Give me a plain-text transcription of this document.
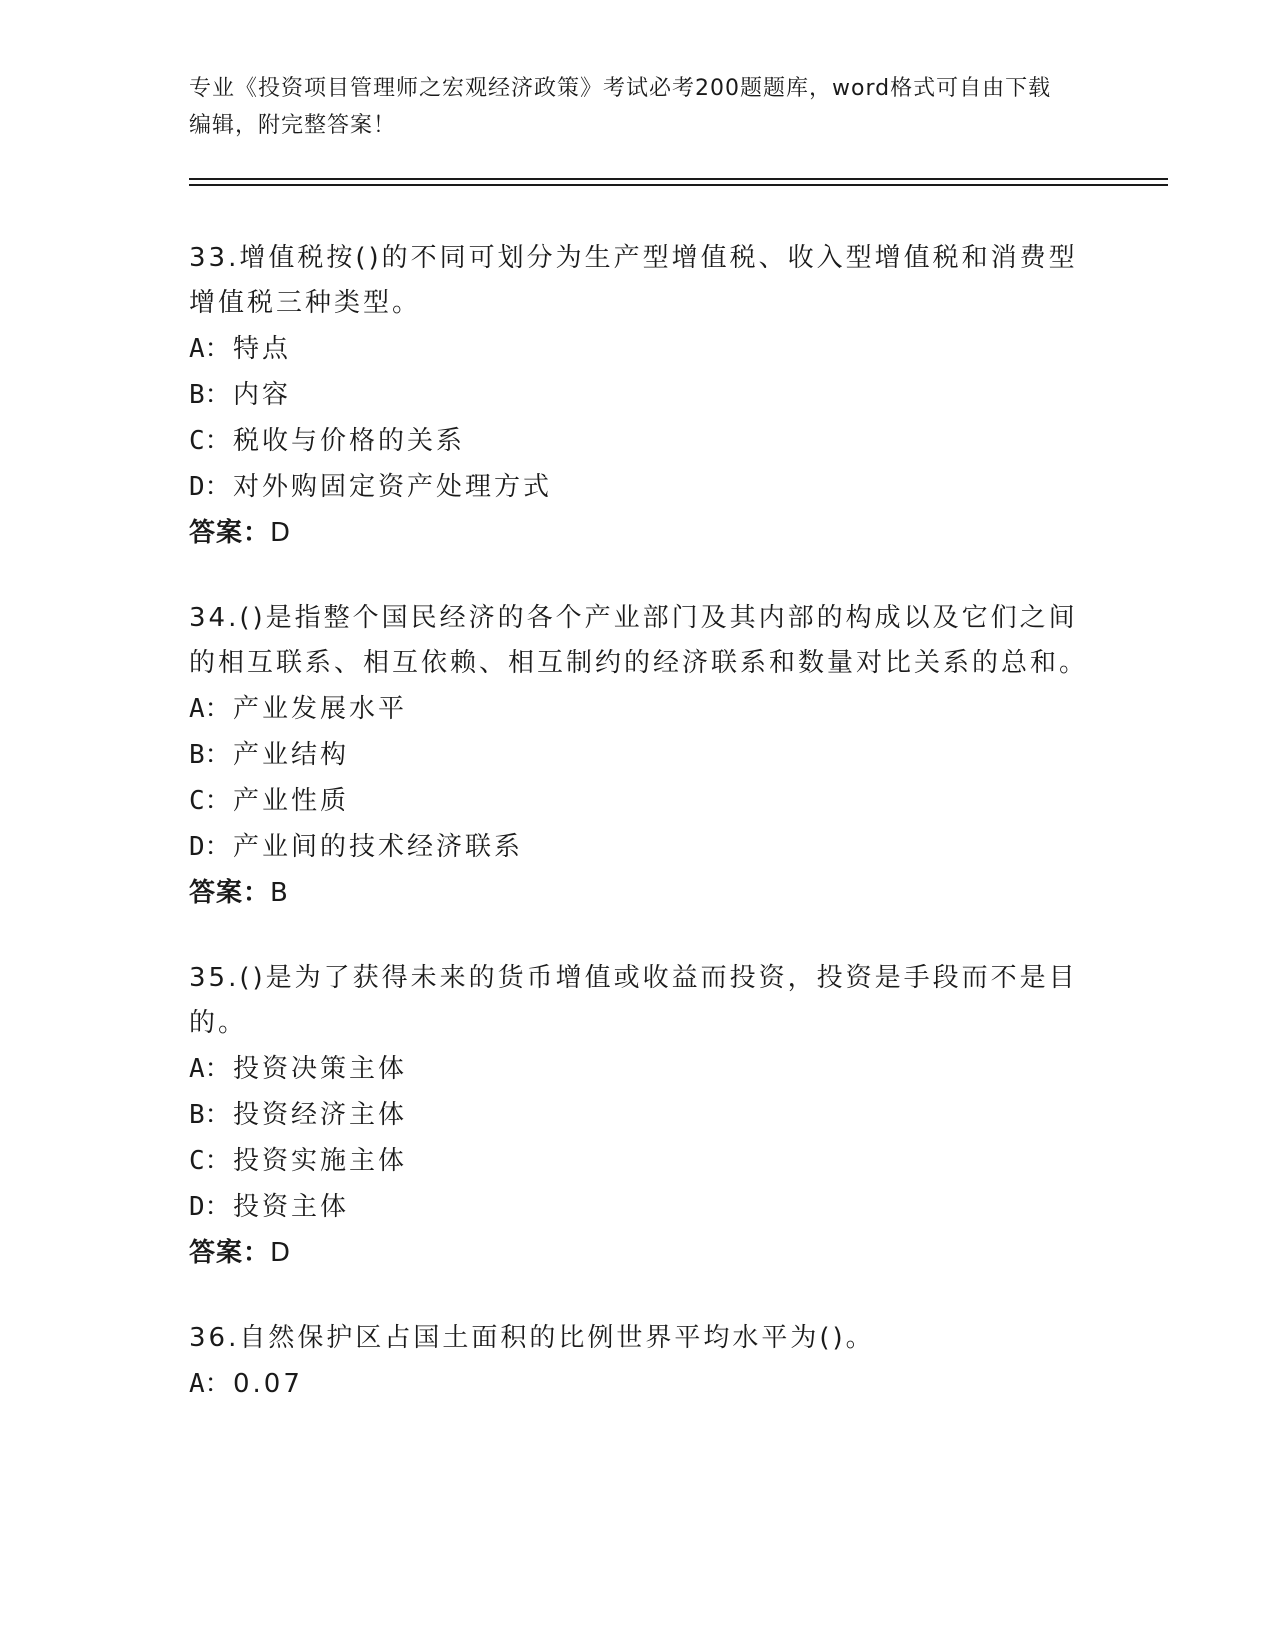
专业《投资项目管理师之宏观经济政策》考试必考200题题库，word格式可自由下载编辑，附完整答案！

33.增值税按()的不同可划分为生产型增值税、收入型增值税和消费型增值税三种类型。

A：特点

B：内容

C：税收与价格的关系

D：对外购固定资产处理方式

答案：D

34.()是指整个国民经济的各个产业部门及其内部的构成以及它们之间的相互联系、相互依赖、相互制约的经济联系和数量对比关系的总和。

A：产业发展水平

B：产业结构

C：产业性质

D：产业间的技术经济联系

答案：B

35.()是为了获得未来的货币增值或收益而投资，投资是手段而不是目的。

A：投资决策主体

B：投资经济主体

C：投资实施主体

D：投资主体

答案：D

36.自然保护区占国土面积的比例世界平均水平为()。

A：0.07
